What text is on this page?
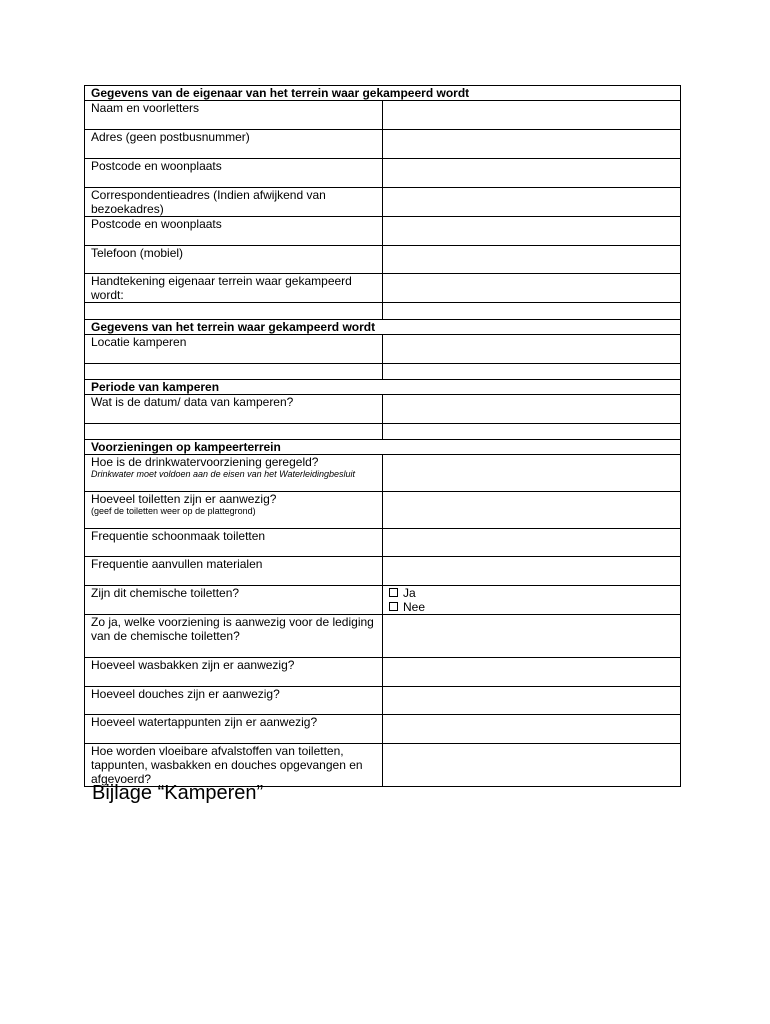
Gegevens van de eigenaar van het terrein waar gekampeerd wordt	
Naam en voorletters	
Adres (geen postbusnummer)	
Postcode en woonplaats	
Correspondentieadres (Indien afwijkend van bezoekadres)	
Postcode en woonplaats	
Telefoon (mobiel)	
Handtekening eigenaar terrein waar gekampeerd wordt:	

Gegevens van het terrein waar gekampeerd wordt	
Locatie kamperen	

Periode van kamperen	
Wat is de datum/ data van kamperen?	

Voorzieningen op kampeerterrein	
Hoe is de drinkwatervoorziening geregeld?
Drinkwater moet voldoen aan de eisen van het Waterleidingbesluit	

Hoeveel toiletten zijn er aanwezig?
(geef de toiletten weer op de plattegrond)	

Frequentie schoonmaak toiletten	
Frequentie aanvullen materialen	
Zijn dit chemische toiletten?	Ja
Nee

Zo ja, welke voorziening is aanwezig voor de lediging van de chemische toiletten?	
Hoeveel wasbakken zijn er aanwezig?	
Hoeveel douches zijn er aanwezig?	
Hoeveel watertappunten zijn er aanwezig?	
Hoe worden vloeibare afvalstoffen van toiletten, tappunten, wasbakken en douches opgevangen en afgevoerd?	
Bijlage “Kamperen”
